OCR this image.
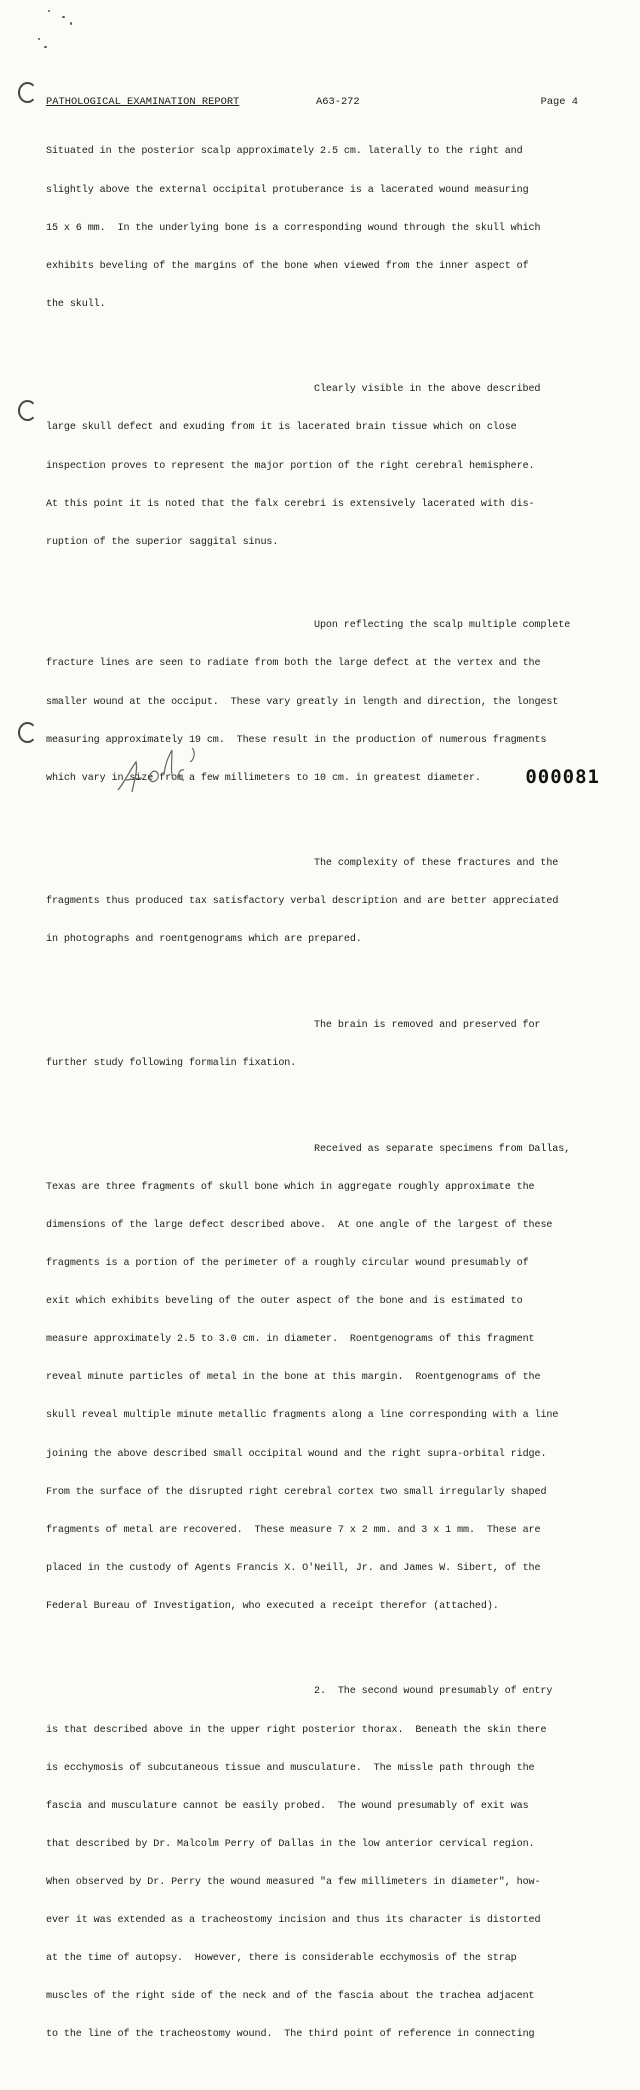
PATHOLOGICAL EXAMINATION REPORT	A63-272	Page 4

Situated in the posterior scalp approximately 2.5 cm. laterally to the right and

slightly above the external occipital protuberance is a lacerated wound measuring

15 x 6 mm.  In the underlying bone is a corresponding wound through the skull which

exhibits beveling of the margins of the bone when viewed from the inner aspect of

the skull.

Clearly visible in the above described

large skull defect and exuding from it is lacerated brain tissue which on close

inspection proves to represent the major portion of the right cerebral hemisphere.

At this point it is noted that the falx cerebri is extensively lacerated with dis-

ruption of the superior saggital sinus.

Upon reflecting the scalp multiple complete

fracture lines are seen to radiate from both the large defect at the vertex and the

smaller wound at the occiput.  These vary greatly in length and direction, the longest

measuring approximately 19 cm.  These result in the production of numerous fragments

which vary in size from a few millimeters to 10 cm. in greatest diameter.

The complexity of these fractures and the

fragments thus produced tax satisfactory verbal description and are better appreciated

in photographs and roentgenograms which are prepared.

The brain is removed and preserved for

further study following formalin fixation.

Received as separate specimens from Dallas,

Texas are three fragments of skull bone which in aggregate roughly approximate the

dimensions of the large defect described above.  At one angle of the largest of these

fragments is a portion of the perimeter of a roughly circular wound presumably of

exit which exhibits beveling of the outer aspect of the bone and is estimated to

measure approximately 2.5 to 3.0 cm. in diameter.  Roentgenograms of this fragment

reveal minute particles of metal in the bone at this margin.  Roentgenograms of the

skull reveal multiple minute metallic fragments along a line corresponding with a line

joining the above described small occipital wound and the right supra-orbital ridge.

From the surface of the disrupted right cerebral cortex two small irregularly shaped

fragments of metal are recovered.  These measure 7 x 2 mm. and 3 x 1 mm.  These are

placed in the custody of Agents Francis X. O'Neill, Jr. and James W. Sibert, of the

Federal Bureau of Investigation, who executed a receipt therefor (attached).

2.  The second wound presumably of entry

is that described above in the upper right posterior thorax.  Beneath the skin there

is ecchymosis of subcutaneous tissue and musculature.  The missle path through the

fascia and musculature cannot be easily probed.  The wound presumably of exit was

that described by Dr. Malcolm Perry of Dallas in the low anterior cervical region.

When observed by Dr. Perry the wound measured "a few millimeters in diameter", how-

ever it was extended as a tracheostomy incision and thus its character is distorted

at the time of autopsy.  However, there is considerable ecchymosis of the strap

muscles of the right side of the neck and of the fascia about the trachea adjacent

to the line of the tracheostomy wound.  The third point of reference in connecting

000081
